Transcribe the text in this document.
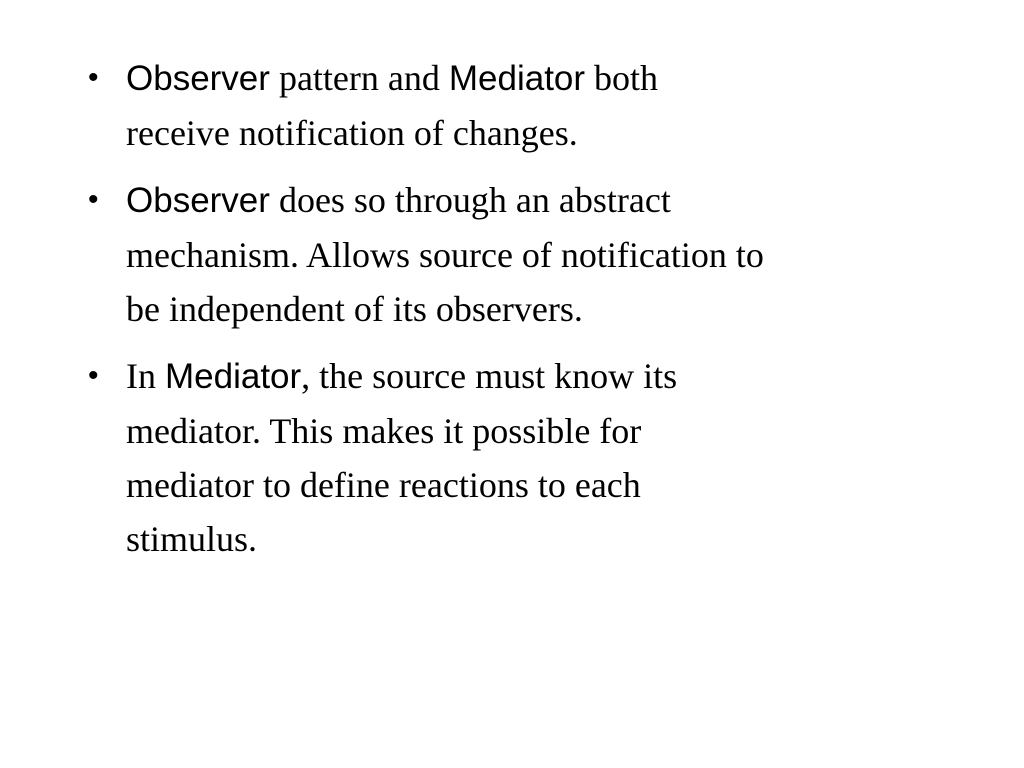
• Observer pattern and Mediator both
receive notification of changes.
• Observer does so through an abstract
mechanism. Allows source of notification to
be independent of its observers.
• In Mediator, the source must know its
mediator. This makes it possible for
mediator to define reactions to each
stimulus.
